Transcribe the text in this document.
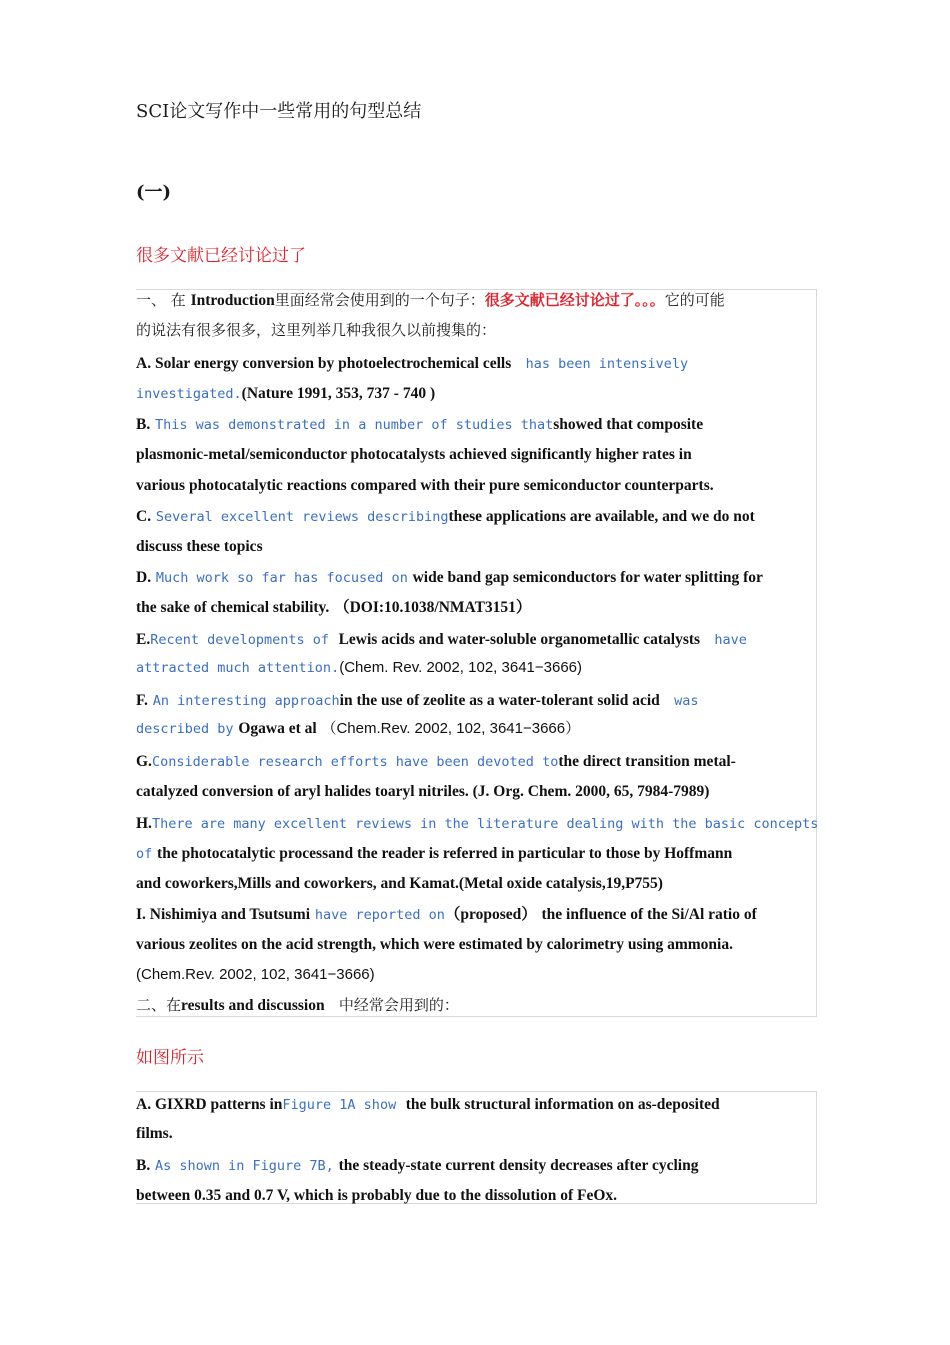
SCI论文写作中一些常用的句型总结
(一)
很多文献已经讨论过了
一、 在 Introduction里面经常会使用到的一个句子：很多文献已经讨论过了。。。它的可能
的说法有很多很多，这里列举几种我很久以前搜集的：
A. Solar energy conversion by photoelectrochemical cells has been intensively
investigated.(Nature 1991, 353, 737 - 740 )
B. This was demonstrated in a number of studies thatshowed that composite
plasmonic-metal/semiconductor photocatalysts achieved significantly higher rates in
various photocatalytic reactions compared with their pure semiconductor counterparts.
C. Several excellent reviews describingthese applications are available, and we do not
discuss these topics
D. Much work so far has focused on wide band gap semiconductors for water splitting for
the sake of chemical stability. （DOI:10.1038/NMAT3151）
E.Recent developments of Lewis acids and water-soluble organometallic catalysts have
attracted much attention.(Chem. Rev. 2002, 102, 3641−3666)
F. An interesting approachin the use of zeolite as a water-tolerant solid acid was
described by Ogawa et al （Chem.Rev. 2002, 102, 3641−3666）
G.Considerable research efforts have been devoted tothe direct transition metal-
catalyzed conversion of aryl halides toaryl nitriles. (J. Org. Chem. 2000, 65, 7984-7989)
H.There are many excellent reviews in the literature dealing with the basic concepts
of the photocatalytic processand the reader is referred in particular to those by Hoffmann
and coworkers,Mills and coworkers, and Kamat.(Metal oxide catalysis,19,P755)
I. Nishimiya and Tsutsumi have reported on（proposed） the influence of the Si/Al ratio of
various zeolites on the acid strength, which were estimated by calorimetry using ammonia.
(Chem.Rev. 2002, 102, 3641−3666)
二、在results and discussion 中经常会用到的：
如图所示
A. GIXRD patterns inFigure 1A show the bulk structural information on as-deposited
films.
B. As shown in Figure 7B, the steady-state current density decreases after cycling
between 0.35 and 0.7 V, which is probably due to the dissolution of FeOx.
